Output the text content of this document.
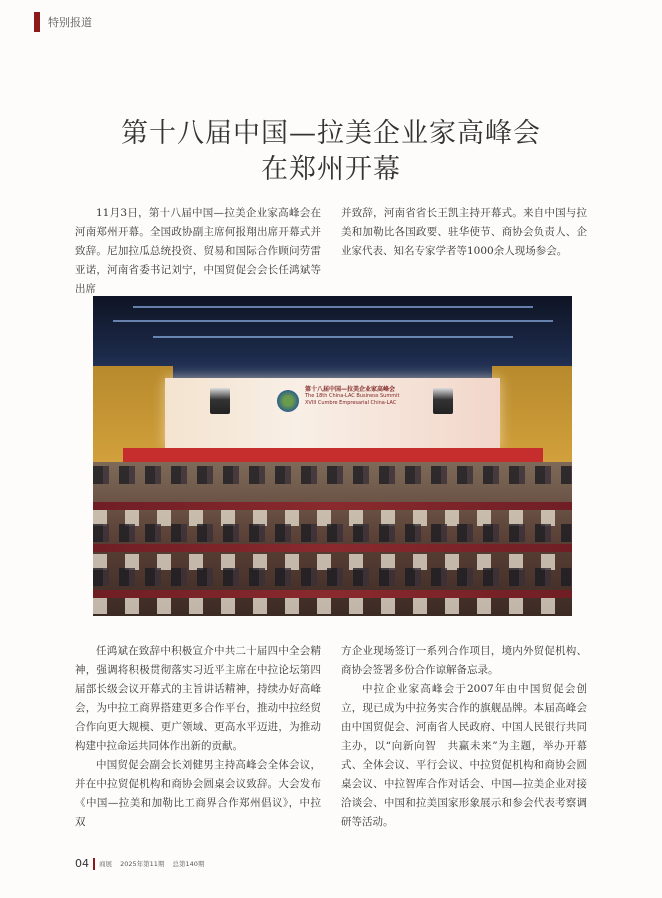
特别报道
第十八届中国—拉美企业家高峰会
在郑州开幕

11月3日，第十八届中国—拉美企业家高峰会在河南郑州开幕。全国政协副主席何报翔出席开幕式并致辞。尼加拉瓜总统投资、贸易和国际合作顾问劳雷亚诺，河南省委书记刘宁，中国贸促会会长任鸿斌等出席

并致辞，河南省省长王凯主持开幕式。来自中国与拉美和加勒比各国政要、驻华使节、商协会负责人、企业家代表、知名专家学者等1000余人现场参会。

第十八届中国—拉美企业家高峰会
The 18th China-LAC Business Summit
XVIII Cumbre Empresarial China-LAC

任鸿斌在致辞中积极宣介中共二十届四中全会精神，强调将积极贯彻落实习近平主席在中拉论坛第四届部长级会议开幕式的主旨讲话精神，持续办好高峰会，为中拉工商界搭建更多合作平台，推动中拉经贸合作向更大规模、更广领域、更高水平迈进，为推动构建中拉命运共同体作出新的贡献。

中国贸促会副会长刘健男主持高峰会全体会议，并在中拉贸促机构和商协会圆桌会议致辞。大会发布《中国—拉美和加勒比工商界合作郑州倡议》，中拉双

方企业现场签订一系列合作项目，境内外贸促机构、商协会签署多份合作谅解备忘录。

中拉企业家高峰会于2007年由中国贸促会创立，现已成为中拉务实合作的旗舰品牌。本届高峰会由中国贸促会、河南省人民政府、中国人民银行共同主办，以“向新向智　共赢未来”为主题，举办开幕式、全体会议、平行会议、中拉贸促机构和商协会圆桌会议、中拉智库合作对话会、中国—拉美企业对接洽谈会、中国和拉美国家形象展示和参会代表考察调研等活动。

04 商展 2025年第11期 总第140期
